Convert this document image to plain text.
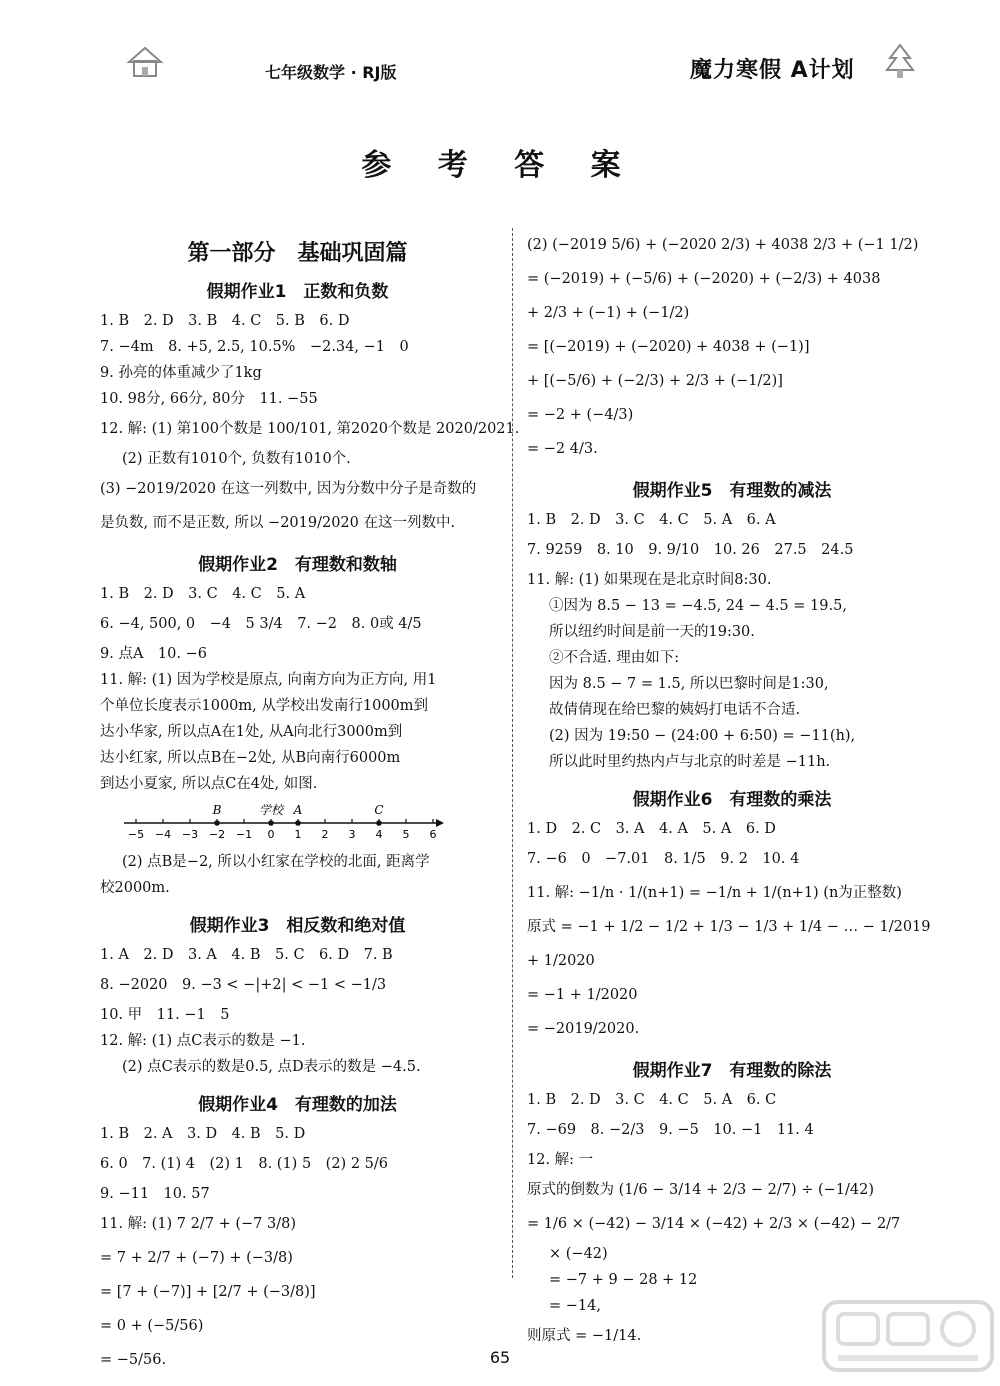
七年级数学 · RJ版	魔力寒假 A计划
参 考 答 案
第一部分　基础巩固篇
假期作业1　正数和负数
1. B　2. D　3. B　4. C　5. B　6. D
7. −4m　8. +5, 2.5, 10.5%　−2.34, −1　0
9. 孙亮的体重减少了1kg
10. 98分, 66分, 80分　11. −55
12. 解: (1) 第100个数是 100/101, 第2020个数是 2020/2021.
(2) 正数有1010个, 负数有1010个.
(3) −2019/2020 在这一列数中, 因为分数中分子是奇数的
是负数, 而不是正数, 所以 −2019/2020 在这一列数中.
假期作业2　有理数和数轴
1. B　2. D　3. C　4. C　5. A
6. −4, 500, 0　−4　5 3/4　7. −2　8. 0或 4/5
9. 点A　10. −6
11. 解: (1) 因为学校是原点, 向南方向为正方向, 用1
个单位长度表示1000m, 从学校出发南行1000m到
达小华家, 所以点A在1处, 从A向北行3000m到
达小红家, 所以点B在−2处, 从B向南行6000m
到达小夏家, 所以点C在4处, 如图.
−5 −4 −3 −2 −1 0 1 2 3 4 5 6
B	学校 A	C
(2) 点B是−2, 所以小红家在学校的北面, 距离学
校2000m.
假期作业3　相反数和绝对值
1. A　2. D　3. A　4. B　5. C　6. D　7. B
8. −2020　9. −3 < −|+2| < −1 < −1/3
10. 甲　11. −1　5
12. 解: (1) 点C表示的数是 −1.
(2) 点C表示的数是0.5, 点D表示的数是 −4.5.
假期作业4　有理数的加法
1. B　2. A　3. D　4. B　5. D
6. 0　7. (1) 4　(2) 1　8. (1) 5　(2) 2 5/6
9. −11　10. 57
11. 解: (1) 7 2/7 + (−7 3/8)
= 7 + 2/7 + (−7) + (−3/8)
= [7 + (−7)] + [2/7 + (−3/8)]
= 0 + (−5/56)
= −5/56.
(2) (−2019 5/6) + (−2020 2/3) + 4038 2/3 + (−1 1/2)
= (−2019) + (−5/6) + (−2020) + (−2/3) + 4038
+ 2/3 + (−1) + (−1/2)
= [(−2019) + (−2020) + 4038 + (−1)]
+ [(−5/6) + (−2/3) + 2/3 + (−1/2)]
= −2 + (−4/3)
= −2 4/3.
假期作业5　有理数的减法
1. B　2. D　3. C　4. C　5. A　6. A
7. 9259　8. 10　9. 9/10　10. 26　27.5　24.5
11. 解: (1) 如果现在是北京时间8:30.
①因为 8.5 − 13 = −4.5, 24 − 4.5 = 19.5,
所以纽约时间是前一天的19:30.
②不合适. 理由如下:
因为 8.5 − 7 = 1.5, 所以巴黎时间是1:30,
故倩倩现在给巴黎的姨妈打电话不合适.
(2) 因为 19:50 − (24:00 + 6:50) = −11(h),
所以此时里约热内卢与北京的时差是 −11h.
假期作业6　有理数的乘法
1. D　2. C　3. A　4. A　5. A　6. D
7. −6　0　−7.01　8. 1/5　9. 2　10. 4
11. 解: −1/n · 1/(n+1) = −1/n + 1/(n+1) (n为正整数)
原式 = −1 + 1/2 − 1/2 + 1/3 − 1/3 + 1/4 − … − 1/2019
+ 1/2020
= −1 + 1/2020
= −2019/2020.
假期作业7　有理数的除法
1. B　2. D　3. C　4. C　5. A　6. C
7. −69　8. −2/3　9. −5　10. −1　11. 4
12. 解: 一
原式的倒数为 (1/6 − 3/14 + 2/3 − 2/7) ÷ (−1/42)
= 1/6 × (−42) − 3/14 × (−42) + 2/3 × (−42) − 2/7
× (−42)
= −7 + 9 − 28 + 12
= −14,
则原式 = −1/14.
65
